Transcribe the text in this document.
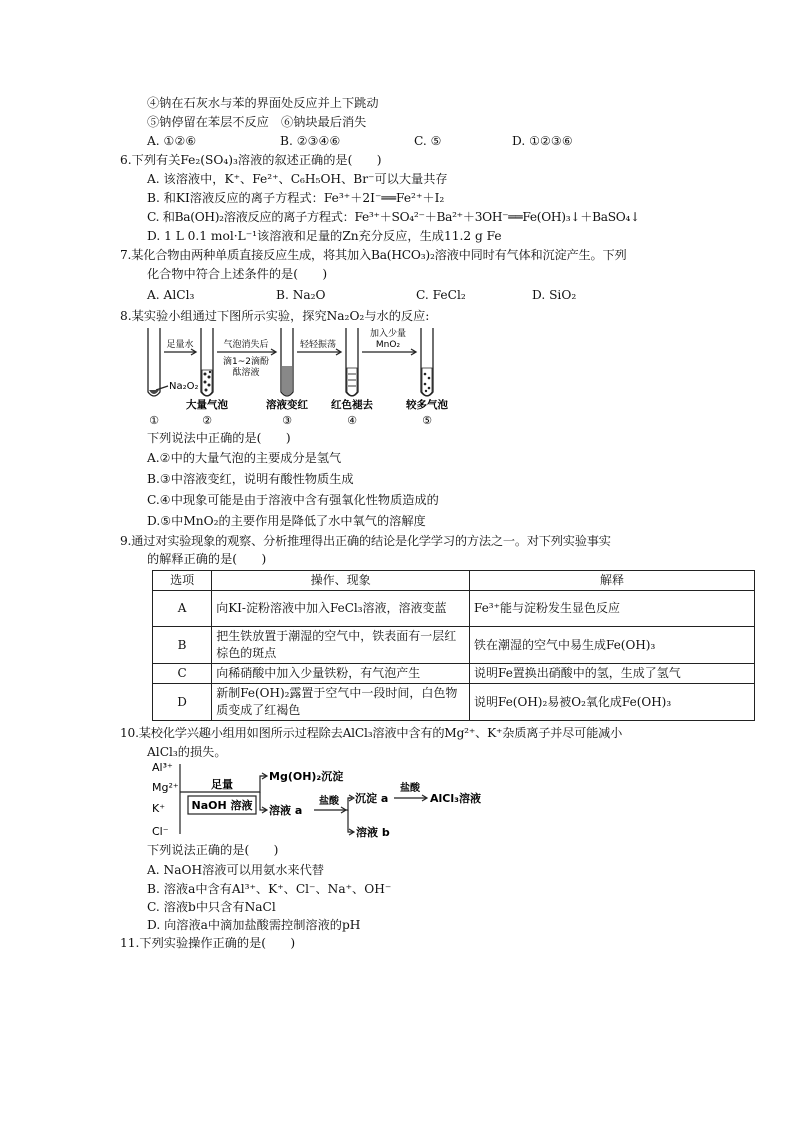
④钠在石灰水与苯的界面处反应并上下跳动
⑤钠停留在苯层不反应　⑥钠块最后消失
A. ①②⑥	B. ②③④⑥	C. ⑤	D. ①②③⑥
6.下列有关Fe₂(SO₄)₃溶液的叙述正确的是(　　)
A. 该溶液中，K⁺、Fe²⁺、C₆H₅OH、Br⁻可以大量共存
B. 和KI溶液反应的离子方程式：Fe³⁺＋2I⁻══Fe²⁺＋I₂
C. 和Ba(OH)₂溶液反应的离子方程式：Fe³⁺＋SO₄²⁻＋Ba²⁺＋3OH⁻══Fe(OH)₃↓＋BaSO₄↓
D. 1 L 0.1 mol·L⁻¹该溶液和足量的Zn充分反应，生成11.2 g Fe
7.某化合物由两种单质直接反应生成，将其加入Ba(HCO₃)₂溶液中同时有气体和沉淀产生。下列
化合物中符合上述条件的是(　　)
A. AlCl₃	B. Na₂O	C. FeCl₂	D. SiO₂
8.某实验小组通过下图所示实验，探究Na₂O₂与水的反应:
足量水	气泡消失后
滴1~2滴酚
酞溶液
轻轻振荡
加入少量
MnO₂
Na₂O₂
大量气泡	溶液变红 红色褪去	较多气泡
①	②	③	④	⑤
下列说法中正确的是(　　)
A.②中的大量气泡的主要成分是氢气
B.③中溶液变红，说明有酸性物质生成
C.④中现象可能是由于溶液中含有强氧化性物质造成的
D.⑤中MnO₂的主要作用是降低了水中氧气的溶解度
9.通过对实验现象的观察、分析推理得出正确的结论是化学学习的方法之一。对下列实验事实
的解释正确的是(　　)
选项	操作、现象	解释
A	向KI-淀粉溶液中加入FeCl₃溶液，溶液变蓝	Fe³⁺能与淀粉发生显色反应
B	把生铁放置于潮湿的空气中，铁表面有一层红棕色的斑点	铁在潮湿的空气中易生成Fe(OH)₃
C	向稀硝酸中加入少量铁粉，有气泡产生	说明Fe置换出硝酸中的氢，生成了氢气
D	新制Fe(OH)₂露置于空气中一段时间，白色物质变成了红褐色	说明Fe(OH)₂易被O₂氧化成Fe(OH)₃
10.某校化学兴趣小组用如图所示过程除去AlCl₃溶液中含有的Mg²⁺、K⁺杂质离子并尽可能减小
AlCl₃的损失。
Al³⁺
Mg²⁺
K⁺
Cl⁻
足量
NaOH 溶液
Mg(OH)₂沉淀
溶液 a
盐酸 沉淀 a
盐酸
AlCl₃溶液
溶液 b
下列说法正确的是(　　)
A. NaOH溶液可以用氨水来代替
B. 溶液a中含有Al³⁺、K⁺、Cl⁻、Na⁺、OH⁻
C. 溶液b中只含有NaCl
D. 向溶液a中滴加盐酸需控制溶液的pH
11.下列实验操作正确的是(　　)
